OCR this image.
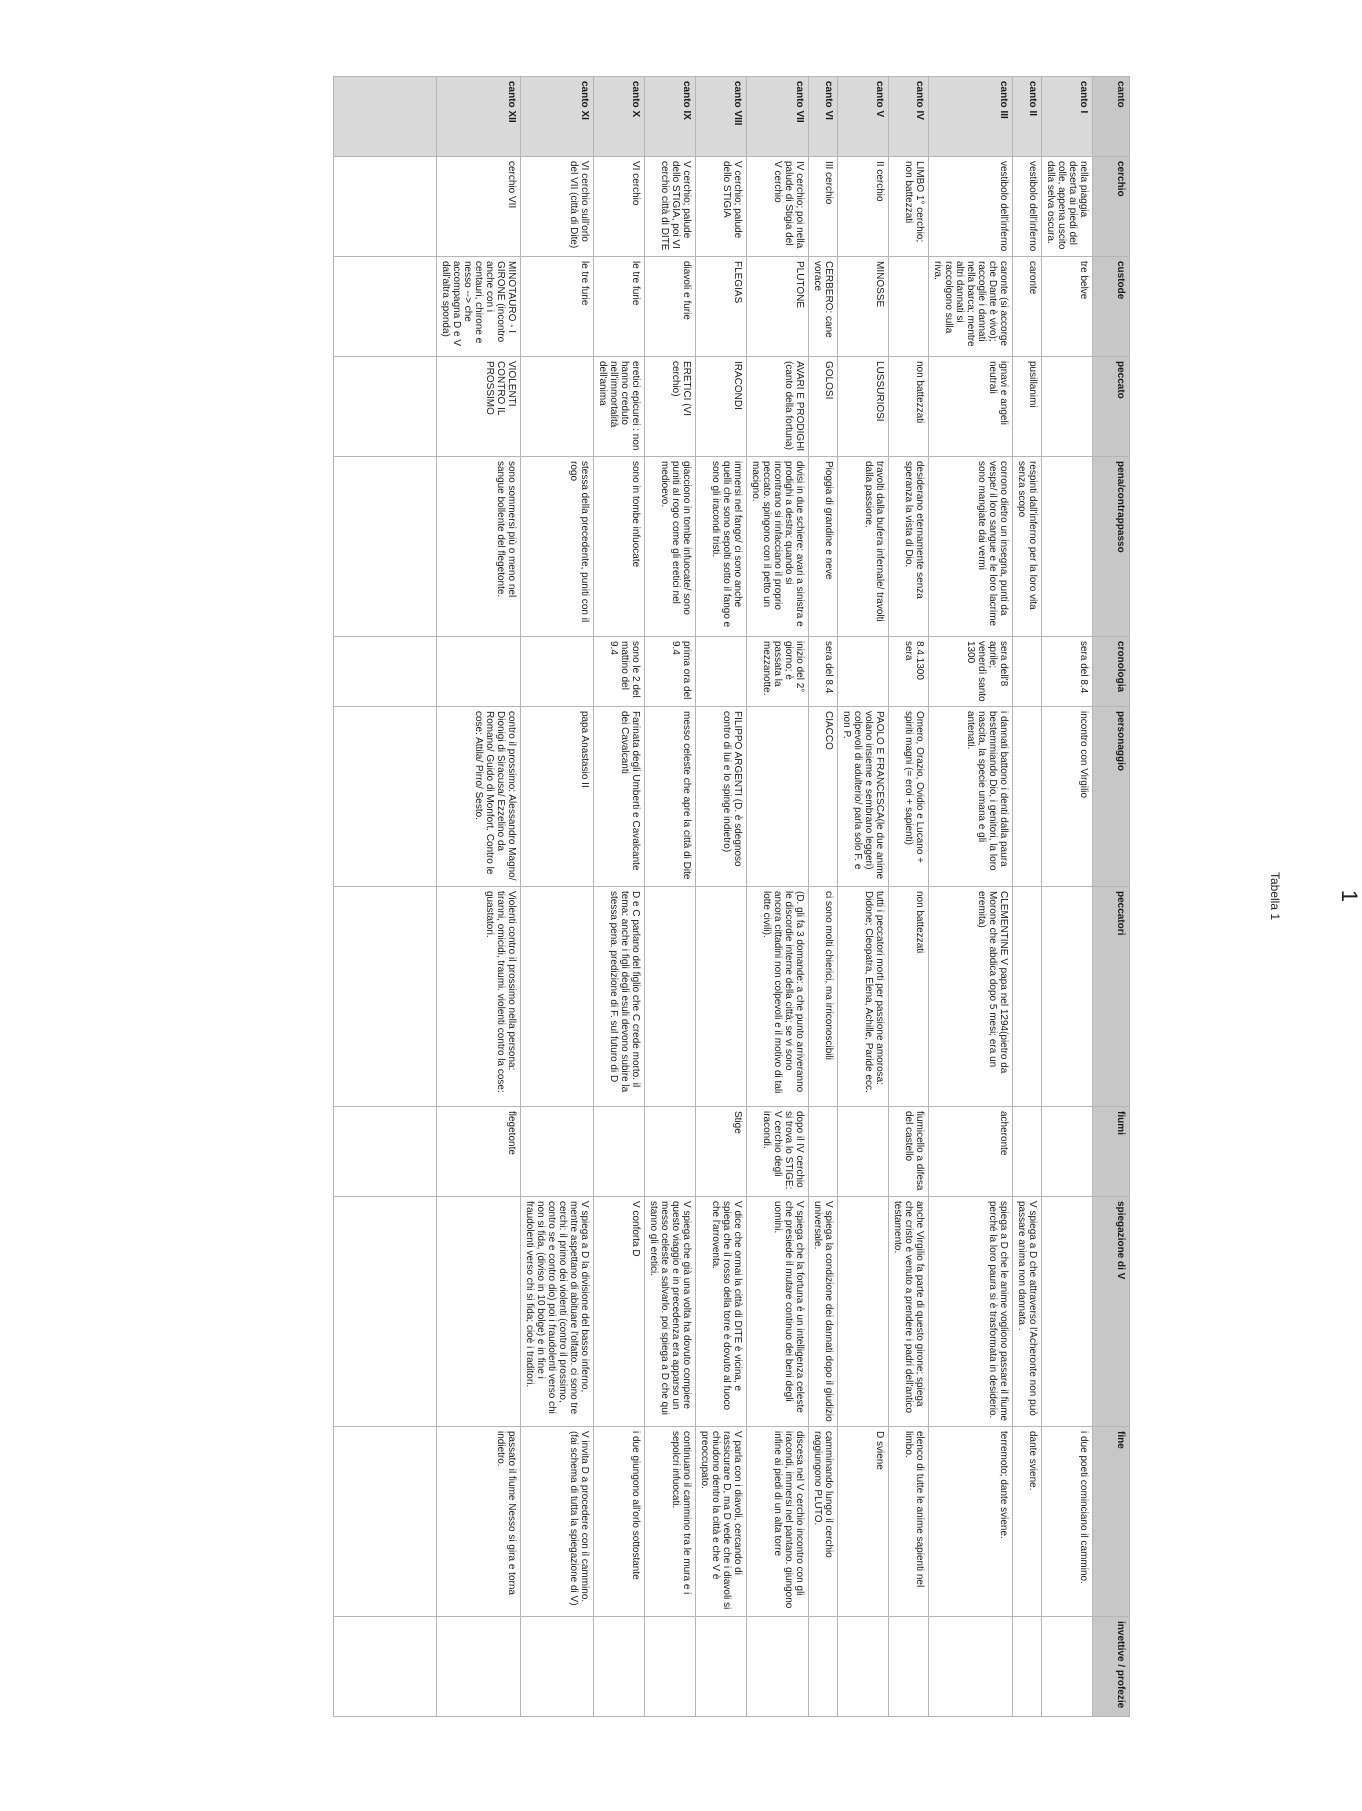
Tabella 1	1
canto	cerchio	custode	peccato	pena/contrappasso	cronologia	personaggio	peccatori	fiumi	spiegazione di V	fine	invettive / profezie
canto I	nella piaggia deserta ai piedi del colle, appena uscito dalla selva oscura.	tre belve			sera del 8.4	incontro con Virgilio				i due poeti cominciano il cammino.	
canto II	vestibolo dell'inferno	caronte	pusillanimi	respinti dall'inferno per la loro vita senza scopo					V spiega a D che attraverso l'Acheronte non può passare anima non dannata .	dante sviene.	
canto III	vestibolo dell'inferno	caronte (si accorge che Dante è vivo); raccoglie i dannati nella barca; mentre altri dannati si raccolgono sulla riva.	ignavi e angeli neutrali	corrono dietro un insegna, punti da vespe/ il loro sangue e le loro lacrime sono mangiate dai vermi	sera dell'8 aprile; venerdì santo 1300	i dannati battono i denti dalla paura bestemmiando Dio, i genitori, la loro nascita, la specie umana e gli antenati.	CLEMENTINE V papa nel 1294(pietro da Morone che abdica dopo 5 mesi; era un eremita)	acheronte	spiega a D che le anime vogliono passare il fiume perché la loro paura si è trasformata in desiderio.	terremoto; dante sviene.	
canto IV	LIMBO 1° cerchio; non battezzati		non battezzati	desiderano eternamente senza speranza la vista di Dio.	8.4.1300 sera	Omero, Orazio, Ovidio e Lucano + spiriti magni (= eroi + sapienti)	non battezzati	fiumicello a difesa del castello	anche Virgilio fa parte di questo girone; spiega che cristo è venuto a prendere i padri dell'antico testamento.	elenco di tutte le anime sapienti nel limbo.	
canto V	II cerchio	MINOSSE	LUSSURIOSI	travolti dalla bufera infernale/ travolti dalla passione.		PAOLO E FRANCESCA(le due anime volano insieme e sembrano leggeri) colpevoli di adulterio/ parla solo F. e non P.	tutti i peccatori morti per passione amorosa: Didone; Cleopatra, Elena, Achille, Paride ecc.			D sviene	
canto VI	III cerchio	CERBERO: cane vorace	GOLOSI	Pioggia di grandine e neve	sera del 8.4	CIACCO	ci sono molti chierici, ma irriconoscibili		V spiega la condizione dei dannati dopo il giudizio universale.	camminando lungo il cerchio raggiungono PLUTO.	
canto VII	IV cerchio; poi nella palude di Stigia del V cerchio	PLUTONE	AVARI E PRODIGHI (canto della fortuna)	divisi in due schiere: avari a sinistra e prodighi a destra; quando si incontrano si rinfacciano il proprio peccato. spingono con il petto un macigno.	inizio del 2° giorno; è passata la mezzanotte.		(D. gli fa 3 domande: a che punto arriveranno le discordie interne della città; se vi sono ancora cittadini non colpevoli e il motivo di tali lotte civili).	dopo il IV cerchio si trova lo STIGE: V cerchio degli iracondi.	V spiega che la fortuna è un intelligenza celeste che presiede il mutare continuo dei beni degli uomini.	discesa nel V cerchio incontro con gli iracondi, immersi nel pantano. giungono infine ai piedi di un alta torre	
canto VIII	V cerchio; palude dello STIGIA	FLEGIAS	IRACONDI	immersi nel fango/ ci sono anche quelli che sono sepolti sotto il fango e sono gli iracondi tristi.		FILIPPO ARGENTI (D. è sdegnoso contro di lui e lo spinge indietro)		Stige	V dice che ormai la città di DITE è vicina, e spiega che il rosso della torre è dovuto al fuoco che l'arroventa.	V parla con i diavoli, cercando di rassicurare D, ma D vede che i diavoli si chiudono dentro la città e che V è preoccupato.	
canto IX	V cerchio; palude dello STIGIA, poi VI cerchio città di DITE	diavoli e furie	ERETICI (VI cerchio)	giacciono in tombe infuocate/ sono puniti al rogo come gli eretici nel medioevo.	prima ora del 9.4	messo celeste che apre la città di Dite			V spiega che già una volta ha dovuto compiere questo viaggio e in precedenza era apparso un messo celeste a salvarlo. poi spiega a D che qui stanno gli eretici.	continuano il cammino tra le mura e i sepolcri infuocati.	
canto X	VI cerchio	le tre furie	eretici epicurei : non hanno creduto nell'immortalità dell'anima	sono in tombe infuocate	sono le 2 del mattino del 9.4	Farinata degli Umberti e Cavalcante dei Cavalcanti	D e C parlano del figlio che C crede morto. il tema: anche i figli degli esuli devono subire la stessa pena. predizione di F. sul futuro di D		V conforta D	i due giungono all'orlo sottostante	
canto XI	VI cerchio sull'orlo del VII (città di Dite)	le tre furie		stessa della precedente, puniti con il rogo		papa Anastasio II			V spiega a D la divisione del basso inferno, mentre aspettano di abituare l'olfatto. ci sono tre cerchi: il primo dei violenti (contro il prossimo, contro se e contro dio) poi i fraudolenti verso chi non si fida, (diviso in 10 bolge) e in fine i fraudolenti verso chi si fida; cioè i traditori.	V invita D a procedere con il cammino. (fai schema di tutta la spiegazione di V)	
canto XII	cerchio VII	MINOTAURO - I GIRONE (incontro anche con i centauri, chirone e nesso --> che accompagna D e V dall'altra sponda)	VIOLENTI CONTRO IL PROSSIMO	sono sommersi più o meno nel sangue bollente del flegetonte.		contro il prossimo: Alessandro Magno/ Dionigi di Siracusa/ Ezzelino da Romano/ Guido di Monfort. Contro le cose: Attila/ Pirro/ Sesto.	Violenti contro il prossimo nella persona: tiranni, omicidi, traumi. violenti contro la cose: guastatori.	flegetonte		passato il fiume Nesso si gira e torna indietro.	
